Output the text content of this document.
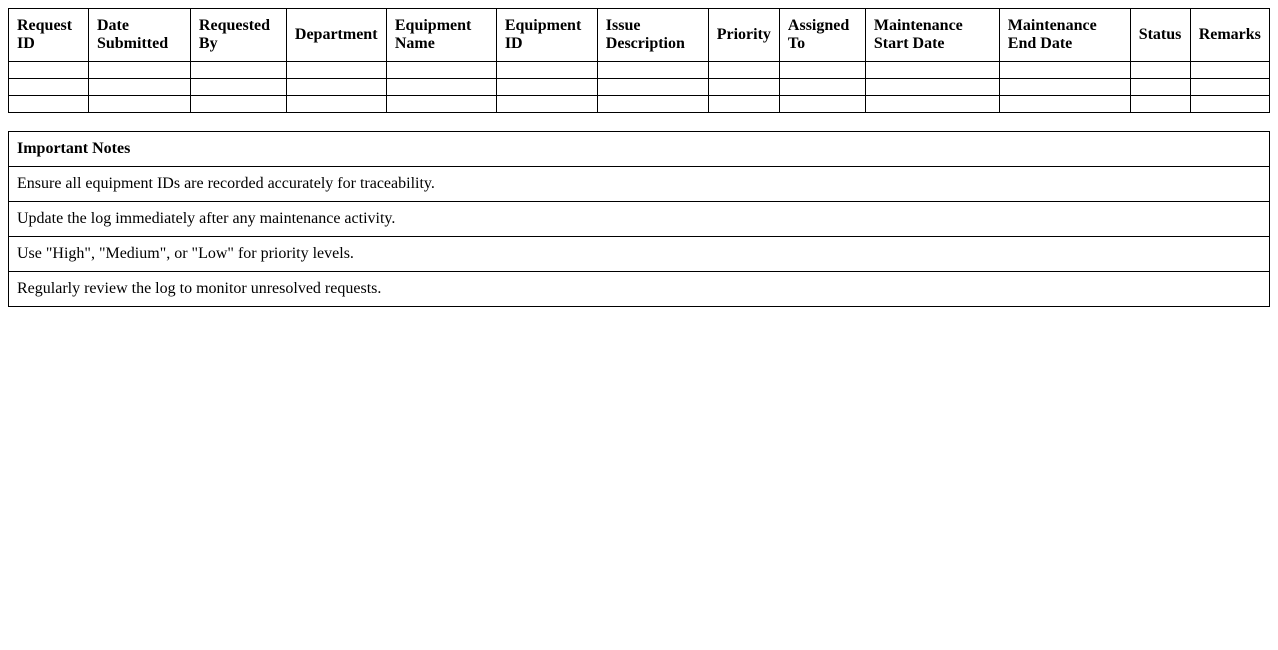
Request ID	Date Submitted	Requested By	Department	Equipment Name	Equipment ID	Issue Description	Priority	Assigned To	Maintenance Start Date	Maintenance End Date	Status	Remarks

Important Notes
Ensure all equipment IDs are recorded accurately for traceability.
Update the log immediately after any maintenance activity.
Use "High", "Medium", or "Low" for priority levels.
Regularly review the log to monitor unresolved requests.
